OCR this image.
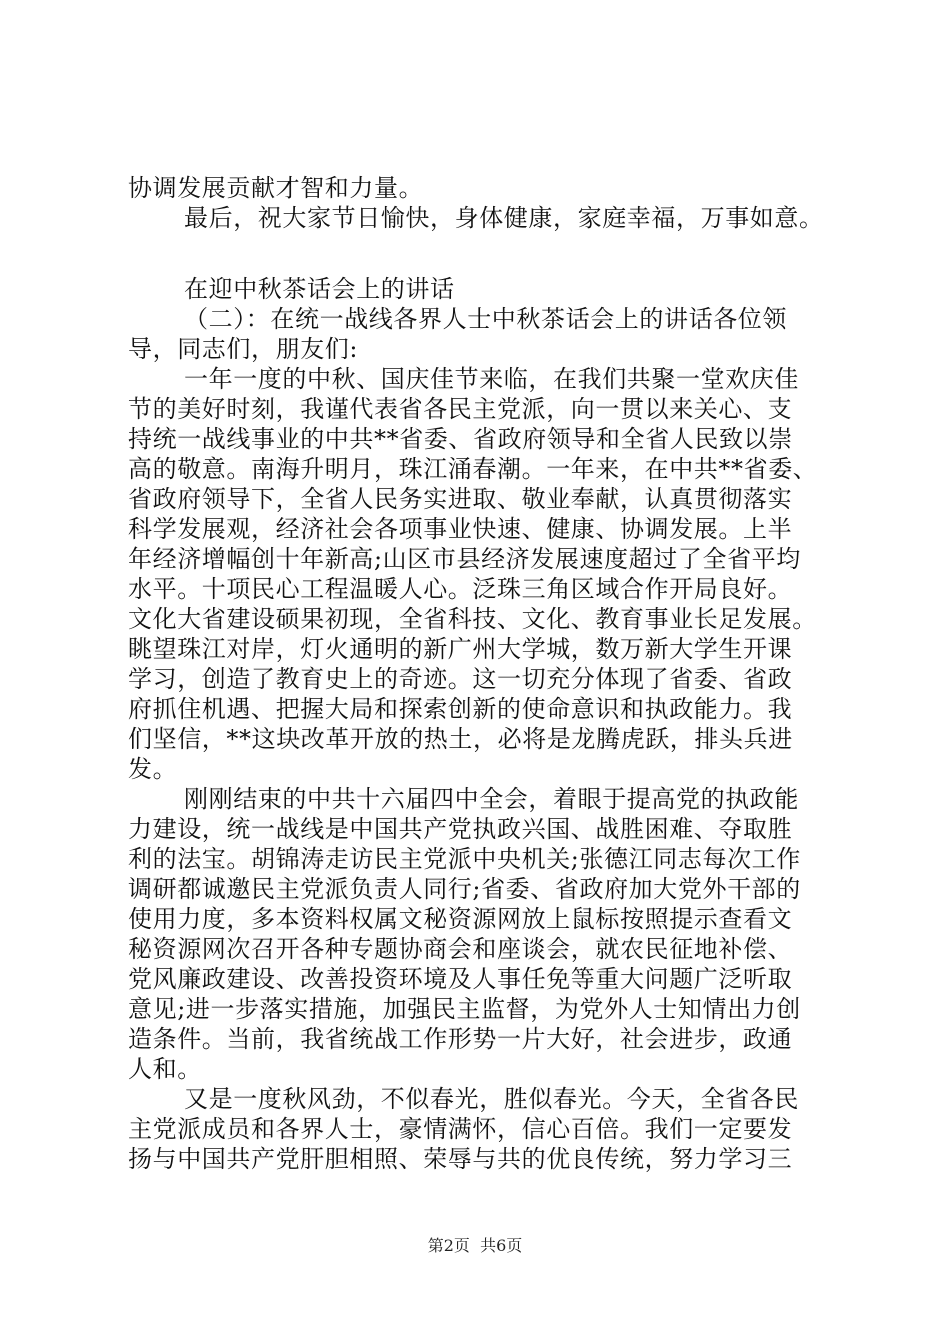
协调发展贡献才智和力量。
最后，祝大家节日愉快，身体健康，家庭幸福，万事如意。
在迎中秋茶话会上的讲话
（二）：在统一战线各界人士中秋茶话会上的讲话各位领
导，同志们，朋友们:
一年一度的中秋、国庆佳节来临，在我们共聚一堂欢庆佳
节的美好时刻，我谨代表省各民主党派，向一贯以来关心、支
持统一战线事业的中共**省委、省政府领导和全省人民致以崇
高的敬意。南海升明月，珠江涌春潮。一年来，在中共**省委、
省政府领导下，全省人民务实进取、敬业奉献，认真贯彻落实
科学发展观，经济社会各项事业快速、健康、协调发展。上半
年经济增幅创十年新高;山区市县经济发展速度超过了全省平均
水平。十项民心工程温暖人心。泛珠三角区域合作开局良好。
文化大省建设硕果初现，全省科技、文化、教育事业长足发展。
眺望珠江对岸，灯火通明的新广州大学城，数万新大学生开课
学习，创造了教育史上的奇迹。这一切充分体现了省委、省政
府抓住机遇、把握大局和探索创新的使命意识和执政能力。我
们坚信，**这块改革开放的热土，必将是龙腾虎跃，排头兵进
发。
刚刚结束的中共十六届四中全会，着眼于提高党的执政能
力建设，统一战线是中国共产党执政兴国、战胜困难、夺取胜
利的法宝。胡锦涛走访民主党派中央机关;张德江同志每次工作
调研都诚邀民主党派负责人同行;省委、省政府加大党外干部的
使用力度，多本资料权属文秘资源网放上鼠标按照提示查看文
秘资源网次召开各种专题协商会和座谈会，就农民征地补偿、
党风廉政建设、改善投资环境及人事任免等重大问题广泛听取
意见;进一步落实措施，加强民主监督，为党外人士知情出力创
造条件。当前，我省统战工作形势一片大好，社会进步，政通
人和。
又是一度秋风劲，不似春光，胜似春光。今天，全省各民
主党派成员和各界人士，豪情满怀，信心百倍。我们一定要发
扬与中国共产党肝胆相照、荣辱与共的优良传统，努力学习三
第2页  共6页
